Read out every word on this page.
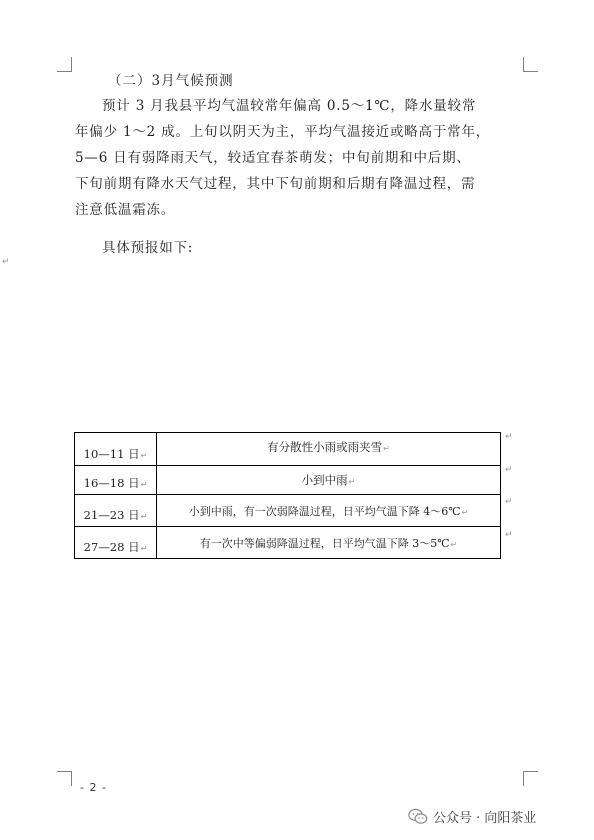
（二）3月气候预测
预计 3 月我县平均气温较常年偏高 0.5～1℃，降水量较常
年偏少 1～2 成。上旬以阴天为主，平均气温接近或略高于常年，
5—6 日有弱降雨天气，较适宜春茶萌发；中旬前期和中后期、
下旬前期有降水天气过程，其中下旬前期和后期有降温过程，需
注意低温霜冻。
具体预报如下:
↵
10—11 日↵	有分散性小雨或雨夹雪↵
16—18 日↵	小到中雨↵
21—23 日↵	小到中雨，有一次弱降温过程，日平均气温下降 4～6℃↵
27—28 日↵	有一次中等偏弱降温过程，日平均气温下降 3～5℃↵
↵
↵
↵
↵
- 2 -
公众号 · 向阳茶业
